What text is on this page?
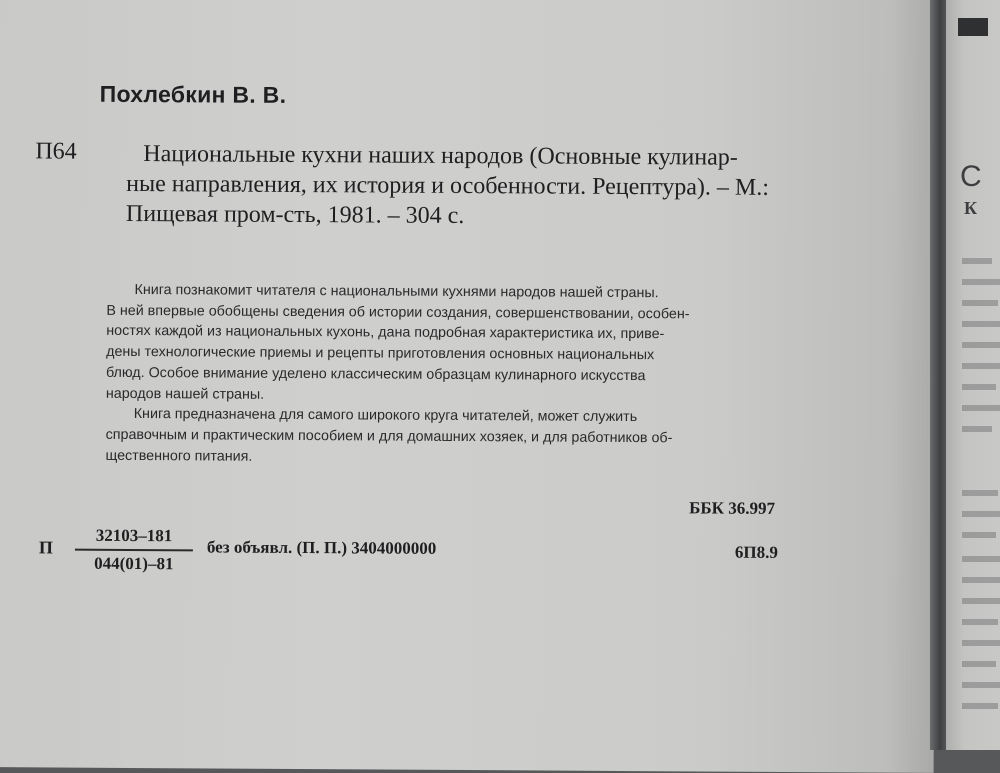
Похлебкин В. В.
П64	Национальные кухни наших народов (Основные кулинар-
ные направления, их история и особенности. Рецептура). – М.:
Пищевая пром-сть, 1981. – 304 с.
Книга познакомит читателя с национальными кухнями народов нашей страны.
В ней впервые обобщены сведения об истории создания, совершенствовании, особен-
ностях каждой из национальных кухонь, дана подробная характеристика их, приве-
дены технологические приемы и рецепты приготовления основных национальных
блюд. Особое внимание уделено классическим образцам кулинарного искусства
народов нашей страны.
Книга предназначена для самого широкого круга читателей, может служить
справочным и практическим пособием и для домашних хозяек, и для работников об-
щественного питания.
ББК 36.997
6П8.9
П $\frac{32103-181}{044(01)-81}$ без объявл. (П. П.) 3404000000
С
К
